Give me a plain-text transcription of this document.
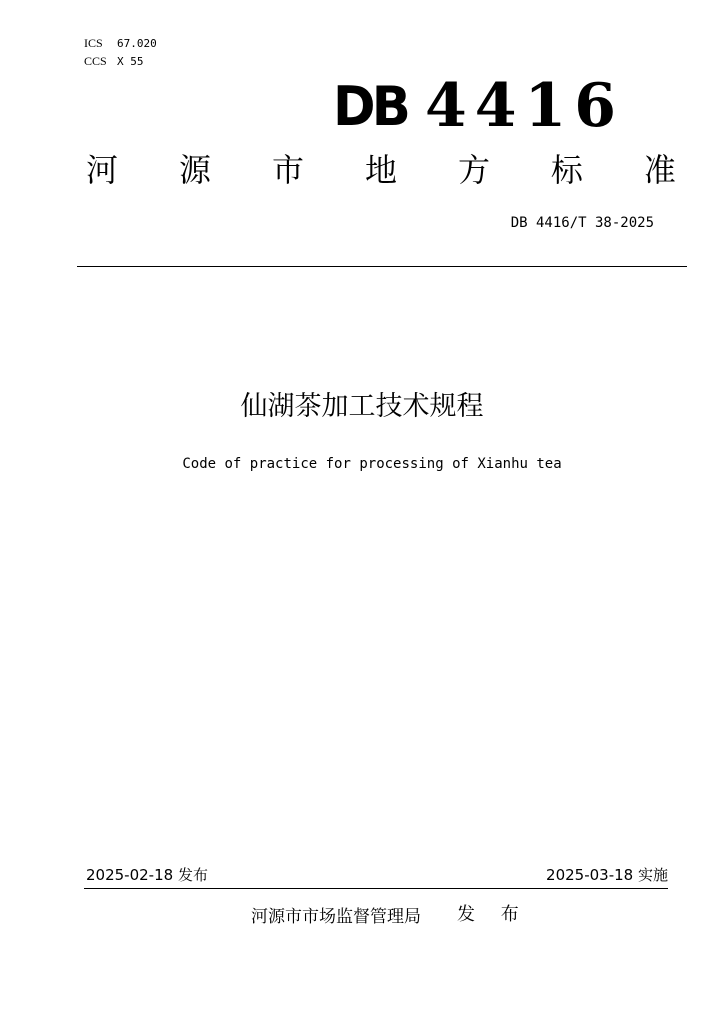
ICS 67.020
CCS X 55
DB 4416
河 源 市 地 方 标 准
DB 4416/T 38-2025
仙湖茶加工技术规程
Code of practice for processing of Xianhu tea
2025-02-18 发布	2025-03-18 实施
河源市市场监督管理局 发 布
